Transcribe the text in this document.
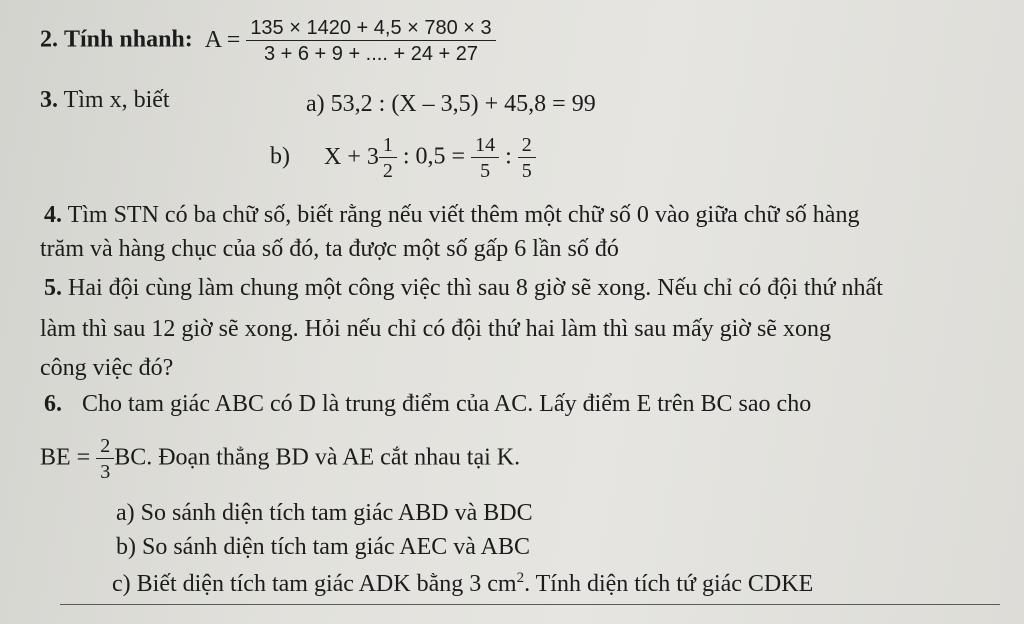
2. Tính nhanh: $A = \frac{135 \times 1420 + 4,5 \times 780 \times 3}{3 + 6 + 9 + .... + 24 + 27}$
3. Tìm x, biết	a) 53,2 : (X – 3,5) + 45,8 = 99
b) $X + 3 \frac{1}{2}$ : $0,5 = \frac{14}{5}$ : $\frac{2}{5}$
4. Tìm STN có ba chữ số, biết rằng nếu viết thêm một chữ số 0 vào giữa chữ số hàng
trăm và hàng chục của số đó, ta được một số gấp 6 lần số đó
5. Hai đội cùng làm chung một công việc thì sau 8 giờ sẽ xong. Nếu chỉ có đội thứ nhất
làm thì sau 12 giờ sẽ xong. Hỏi nếu chỉ có đội thứ hai làm thì sau mấy giờ sẽ xong
công việc đó?
6. Cho tam giác ABC có D là trung điểm của AC. Lấy điểm E trên BC sao cho
BE = $\frac{2}{3}$ BC. Đoạn thẳng BD và AE cắt nhau tại K.
a) So sánh diện tích tam giác ABD và BDC
b) So sánh diện tích tam giác AEC và ABC
c) Biết diện tích tam giác ADK bằng 3 $cm^2$. Tính diện tích tứ giác CDKE
